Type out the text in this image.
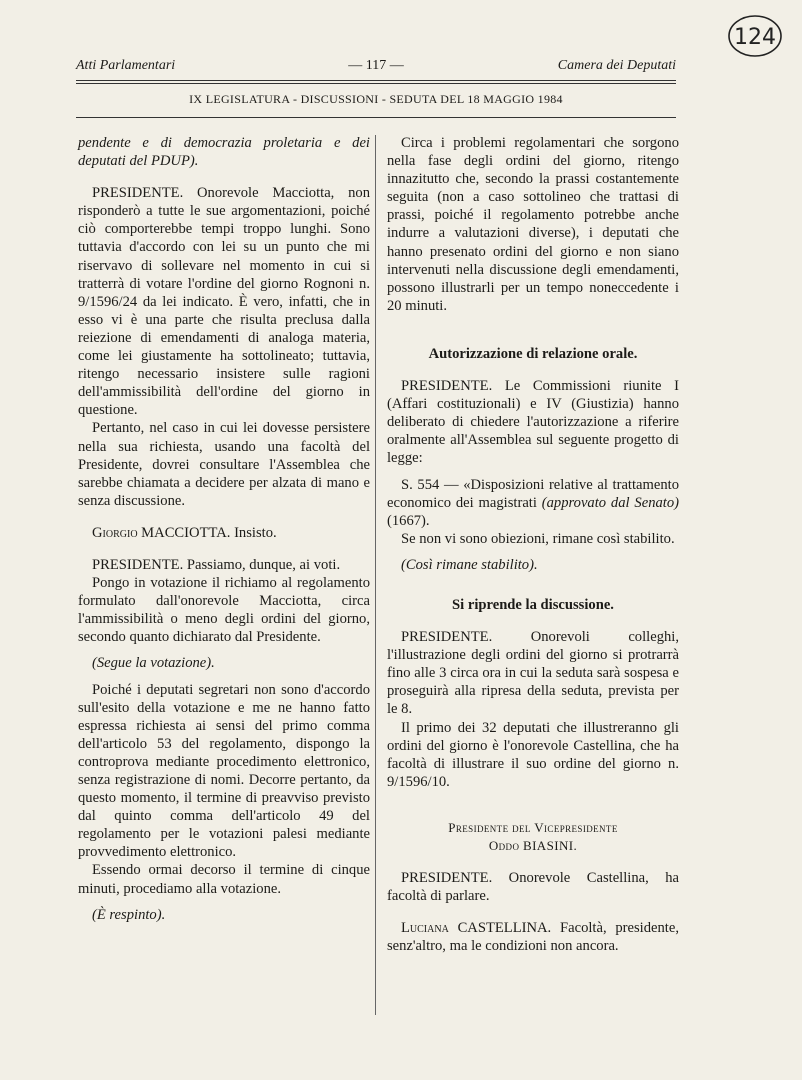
124
Atti Parlamentari	— 117 —	Camera dei Deputati
IX LEGISLATURA - DISCUSSIONI - SEDUTA DEL 18 MAGGIO 1984

pendente e di democrazia proletaria e dei deputati del PDUP).

PRESIDENTE. Onorevole Macciotta, non risponderò a tutte le sue argomentazioni, poiché ciò comporterebbe tempi troppo lunghi. Sono tuttavia d'accordo con lei su un punto che mi riservavo di sollevare nel momento in cui si tratterrà di votare l'ordine del giorno Rognoni n. 9/1596/24 da lei indicato. È vero, infatti, che in esso vi è una parte che risulta preclusa dalla reiezione di emendamenti di analoga materia, come lei giustamente ha sottolineato; tuttavia, ritengo necessario insistere sulle ragioni dell'ammissibilità dell'ordine del giorno in questione.

Pertanto, nel caso in cui lei dovesse persistere nella sua richiesta, usando una facoltà del Presidente, dovrei consultare l'Assemblea che sarebbe chiamata a decidere per alzata di mano e senza discussione.

Giorgio MACCIOTTA. Insisto.

PRESIDENTE. Passiamo, dunque, ai voti.

Pongo in votazione il richiamo al regolamento formulato dall'onorevole Macciotta, circa l'ammissibilità o meno degli ordini del giorno, secondo quanto dichiarato dal Presidente.

(Segue la votazione).

Poiché i deputati segretari non sono d'accordo sull'esito della votazione e me ne hanno fatto espressa richiesta ai sensi del primo comma dell'articolo 53 del regolamento, dispongo la controprova mediante procedimento elettronico, senza registrazione di nomi. Decorre pertanto, da questo momento, il termine di preavviso previsto dal quinto comma dell'articolo 49 del regolamento per le votazioni palesi mediante provvedimento elettronico.

Essendo ormai decorso il termine di cinque minuti, procediamo alla votazione.

(È respinto).

Circa i problemi regolamentari che sorgono nella fase degli ordini del giorno, ritengo innazitutto che, secondo la prassi costantemente seguita (non a caso sottolineo che trattasi di prassi, poiché il regolamento potrebbe anche indurre a valutazioni diverse), i deputati che hanno presenato ordini del giorno e non siano intervenuti nella discussione degli emendamenti, possono illustrarli per un tempo noneccedente i 20 minuti.

Autorizzazione di relazione orale.

PRESIDENTE. Le Commissioni riunite I (Affari costituzionali) e IV (Giustizia) hanno deliberato di chiedere l'autorizzazione a riferire oralmente all'Assemblea sul seguente progetto di legge:

S. 554 — «Disposizioni relative al trattamento economico dei magistrati (approvato dal Senato) (1667).

Se non vi sono obiezioni, rimane così stabilito.

(Così rimane stabilito).

Si riprende la discussione.

PRESIDENTE. Onorevoli colleghi, l'illustrazione degli ordini del giorno si protrarrà fino alle 3 circa ora in cui la seduta sarà sospesa e proseguirà alla ripresa della seduta, prevista per le 8.

Il primo dei 32 deputati che illustreranno gli ordini del giorno è l'onorevole Castellina, che ha facoltà di illustrare il suo ordine del giorno n. 9/1596/10.

Presidente del Vicepresidente

Oddo BIASINI.

PRESIDENTE. Onorevole Castellina, ha facoltà di parlare.

Luciana CASTELLINA. Facoltà, presidente, senz'altro, ma le condizioni non ancora.
